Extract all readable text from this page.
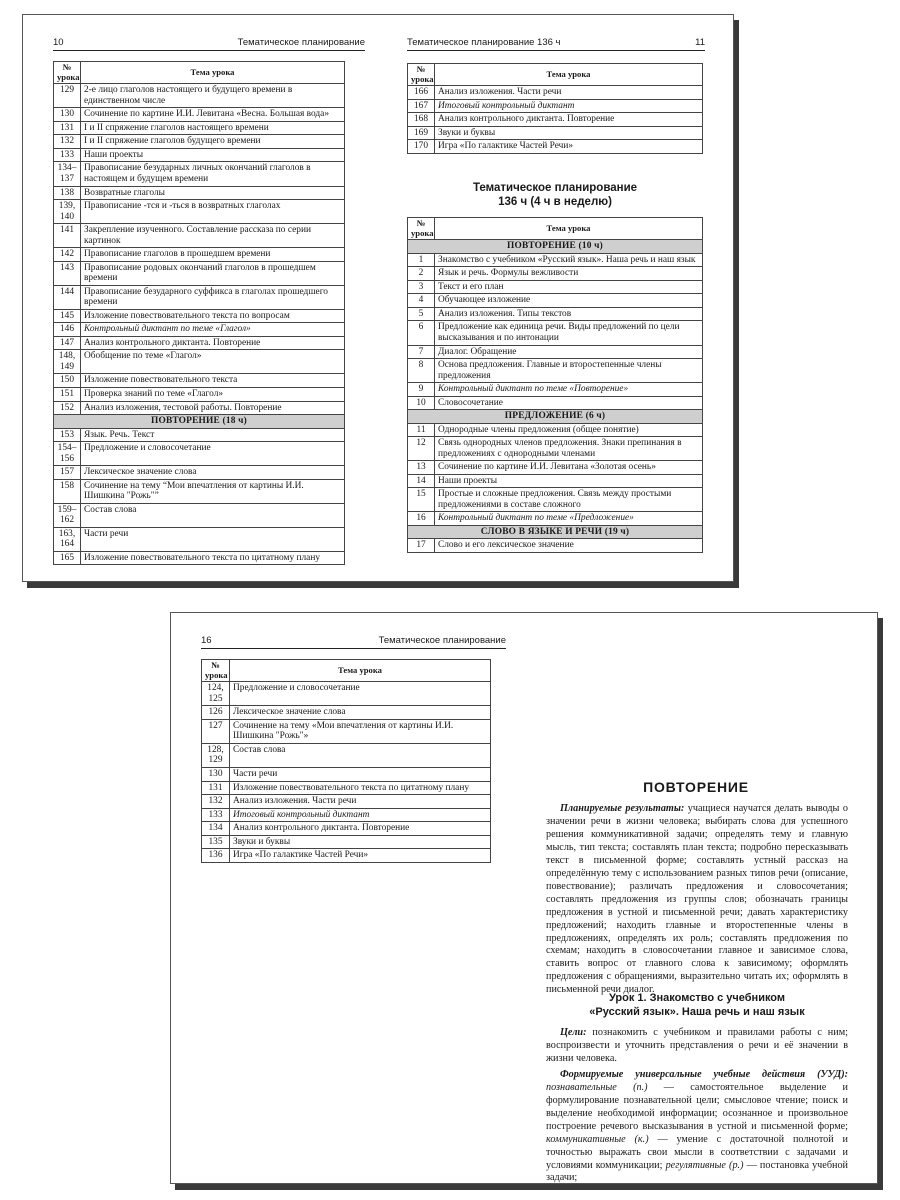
10	Тематическое планирование
№ урока	Тема урока
129	2-е лицо глаголов настоящего и будущего времени в единственном числе
130	Сочинение по картине И.И. Левитана «Весна. Большая вода»
131	I и II спряжение глаголов настоящего времени
132	I и II спряжение глаголов будущего времени
133	Наши проекты
134–137	Правописание безударных личных окончаний глаголов в настоящем и будущем времени
138	Возвратные глаголы
139, 140	Правописание -тся и -ться в возвратных глаголах
141	Закрепление изученного. Составление рассказа по серии картинок
142	Правописание глаголов в прошедшем времени
143	Правописание родовых окончаний глаголов в прошедшем времени
144	Правописание безударного суффикса в глаголах прошедшего времени
145	Изложение повествовательного текста по вопросам
146	Контрольный диктант по теме «Глагол»
147	Анализ контрольного диктанта. Повторение
148, 149	Обобщение по теме «Глагол»
150	Изложение повествовательного текста
151	Проверка знаний по теме «Глагол»
152	Анализ изложения, тестовой работы. Повторение
ПОВТОРЕНИЕ (18 ч)	
153	Язык. Речь. Текст
154–156	Предложение и словосочетание
157	Лексическое значение слова
158	Сочинение на тему “Мои впечатления от картины И.И. Шишкина "Рожь"”
159–162	Состав слова
163, 164	Части речи
165	Изложение повествовательного текста по цитатному плану
Тематическое планирование 136 ч	11
№ урока	Тема урока
166	Анализ изложения. Части речи
167	Итоговый контрольный диктант
168	Анализ контрольного диктанта. Повторение
169	Звуки и буквы
170	Игра «По галактике Частей Речи»
Тематическое планирование
136 ч (4 ч в неделю)
№ урока	Тема урока
ПОВТОРЕНИЕ (10 ч)	
1	Знакомство с учебником «Русский язык». Наша речь и наш язык
2	Язык и речь. Формулы вежливости
3	Текст и его план
4	Обучающее изложение
5	Анализ изложения. Типы текстов
6	Предложение как единица речи. Виды предложений по цели высказывания и по интонации
7	Диалог. Обращение
8	Основа предложения. Главные и второстепенные члены предложения
9	Контрольный диктант по теме «Повторение»
10	Словосочетание
ПРЕДЛОЖЕНИЕ (6 ч)	
11	Однородные члены предложения (общее понятие)
12	Связь однородных членов предложения. Знаки препинания в предложениях с однородными членами
13	Сочинение по картине И.И. Левитана «Золотая осень»
14	Наши проекты
15	Простые и сложные предложения. Связь между простыми предложениями в составе сложного
16	Контрольный диктант по теме «Предложение»
СЛОВО В ЯЗЫКЕ И РЕЧИ (19 ч)	
17	Слово и его лексическое значение
16	Тематическое планирование
№ урока	Тема урока
124, 125	Предложение и словосочетание
126	Лексическое значение слова
127	Сочинение на тему «Мои впечатления от картины И.И. Шишкина "Рожь"»
128, 129	Состав слова
130	Части речи
131	Изложение повествовательного текста по цитатному плану
132	Анализ изложения. Части речи
133	Итоговый контрольный диктант
134	Анализ контрольного диктанта. Повторение
135	Звуки и буквы
136	Игра «По галактике Частей Речи»
ПОВТОРЕНИЕ

Планируемые результаты: учащиеся научатся делать выводы о значении речи в жизни человека; выбирать слова для успешного решения коммуникативной задачи; определять тему и главную мысль, тип текста; составлять план текста; подробно пересказывать текст в письменной форме; составлять устный рассказ на определённую тему с использованием разных типов речи (описание, повествование); различать предложения и словосочетания; составлять предложения из группы слов; обозначать границы предложения в устной и письменной речи; давать характеристику предложений; находить главные и второстепенные члены в предложениях, определять их роль; составлять предложения по схемам; находить в словосочетании главное и зависимое слова, ставить вопрос от главного слова к зависимому; оформлять предложения с обращениями, выразительно читать их; оформлять в письменной речи диалог.

Урок 1. Знакомство с учебником
«Русский язык». Наша речь и наш язык

Цели: познакомить с учебником и правилами работы с ним; воспроизвести и уточнить представления о речи и её значении в жизни человека.

Формируемые универсальные учебные действия (УУД): познавательные (п.) — самостоятельное выделение и формулирование познавательной цели; смысловое чтение; поиск и выделение необходимой информации; осознанное и произвольное построение речевого высказывания в устной и письменной форме; коммуникативные (к.) — умение с достаточной полнотой и точностью выражать свои мысли в соответствии с задачами и условиями коммуникации; регулятивные (р.) — постановка учебной задачи;
